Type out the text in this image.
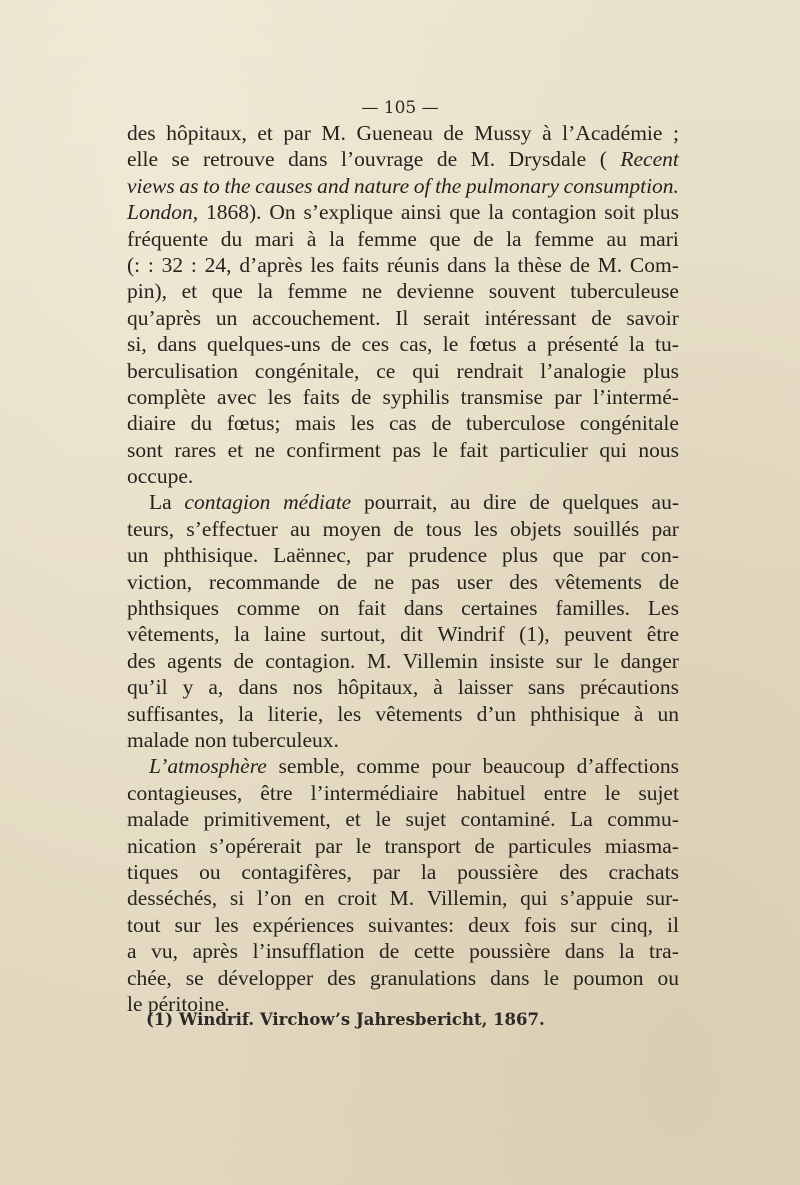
— 105 —
des hôpitaux, et par M. Gueneau de Mussy à l’Académie ;
elle se retrouve dans l’ouvrage de M. Drysdale ( Recent
views as to the causes and nature of the pulmonary consumption.
London, 1868). On s’explique ainsi que la contagion soit plus
fréquente du mari à la femme que de la femme au mari
(: : 32 : 24, d’après les faits réunis dans la thèse de M. Com-
pin), et que la femme ne devienne souvent tuberculeuse
qu’après un accouchement. Il serait intéressant de savoir
si, dans quelques-uns de ces cas, le fœtus a présenté la tu-
berculisation congénitale, ce qui rendrait l’analogie plus
complète avec les faits de syphilis transmise par l’intermé-
diaire du fœtus; mais les cas de tuberculose congénitale
sont rares et ne confirment pas le fait particulier qui nous
occupe.
La contagion médiate pourrait, au dire de quelques au-
teurs, s’effectuer au moyen de tous les objets souillés par
un phthisique. Laënnec, par prudence plus que par con-
viction, recommande de ne pas user des vêtements de
phthsiques comme on fait dans certaines familles. Les
vêtements, la laine surtout, dit Windrif (1), peuvent être
des agents de contagion. M. Villemin insiste sur le danger
qu’il y a, dans nos hôpitaux, à laisser sans précautions
suffisantes, la literie, les vêtements d’un phthisique à un
malade non tuberculeux.
L’atmosphère semble, comme pour beaucoup d’affections
contagieuses, être l’intermédiaire habituel entre le sujet
malade primitivement, et le sujet contaminé. La commu-
nication s’opérerait par le transport de particules miasma-
tiques ou contagifères, par la poussière des crachats
desséchés, si l’on en croit M. Villemin, qui s’appuie sur-
tout sur les expériences suivantes: deux fois sur cinq, il
a vu, après l’insufflation de cette poussière dans la tra-
chée, se développer des granulations dans le poumon ou
le péritoine.
(1) Windrif. Virchow’s Jahresbericht, 1867.
